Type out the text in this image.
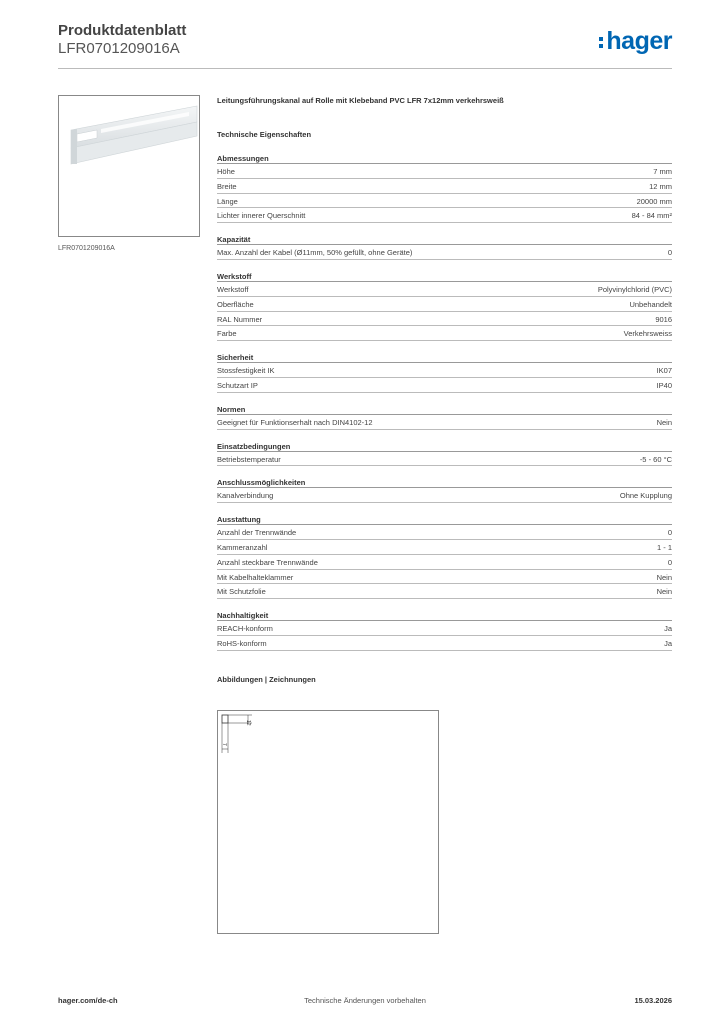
Produktdatenblatt
LFR0701209016A	hager
LFR0701209016A
Leitungsführungskanal auf Rolle mit Klebeband PVC LFR 7x12mm verkehrsweiß
Technische Eigenschaften
Abmessungen
Höhe	7 mm
Breite	12 mm
Länge	20000 mm
Lichter innerer Querschnitt	84 - 84 mm²
Kapazität
Max. Anzahl der Kabel (Ø11mm, 50% gefüllt, ohne Geräte)	0
Werkstoff
Werkstoff	Polyvinylchlorid (PVC)
Oberfläche	Unbehandelt
RAL Nummer	9016
Farbe	Verkehrsweiss
Sicherheit
Stossfestigkeit IK	IK07
Schutzart IP	IP40
Normen
Geeignet für Funktionserhalt nach DIN4102-12	Nein
Einsatzbedingungen
Betriebstemperatur	-5 - 60 °C
Anschlussmöglichkeiten
Kanalverbindung	Ohne Kupplung
Ausstattung
Anzahl der Trennwände	0
Kammeranzahl	1 - 1
Anzahl steckbare Trennwände	0
Mit Kabelhalteklammer	Nein
Mit Schutzfolie	Nein
Nachhaltigkeit
REACH-konform	Ja
RoHS-konform	Ja
Abbildungen | Zeichnungen
12
7
hager.com/de-ch	Technische Änderungen vorbehalten	15.03.2026
